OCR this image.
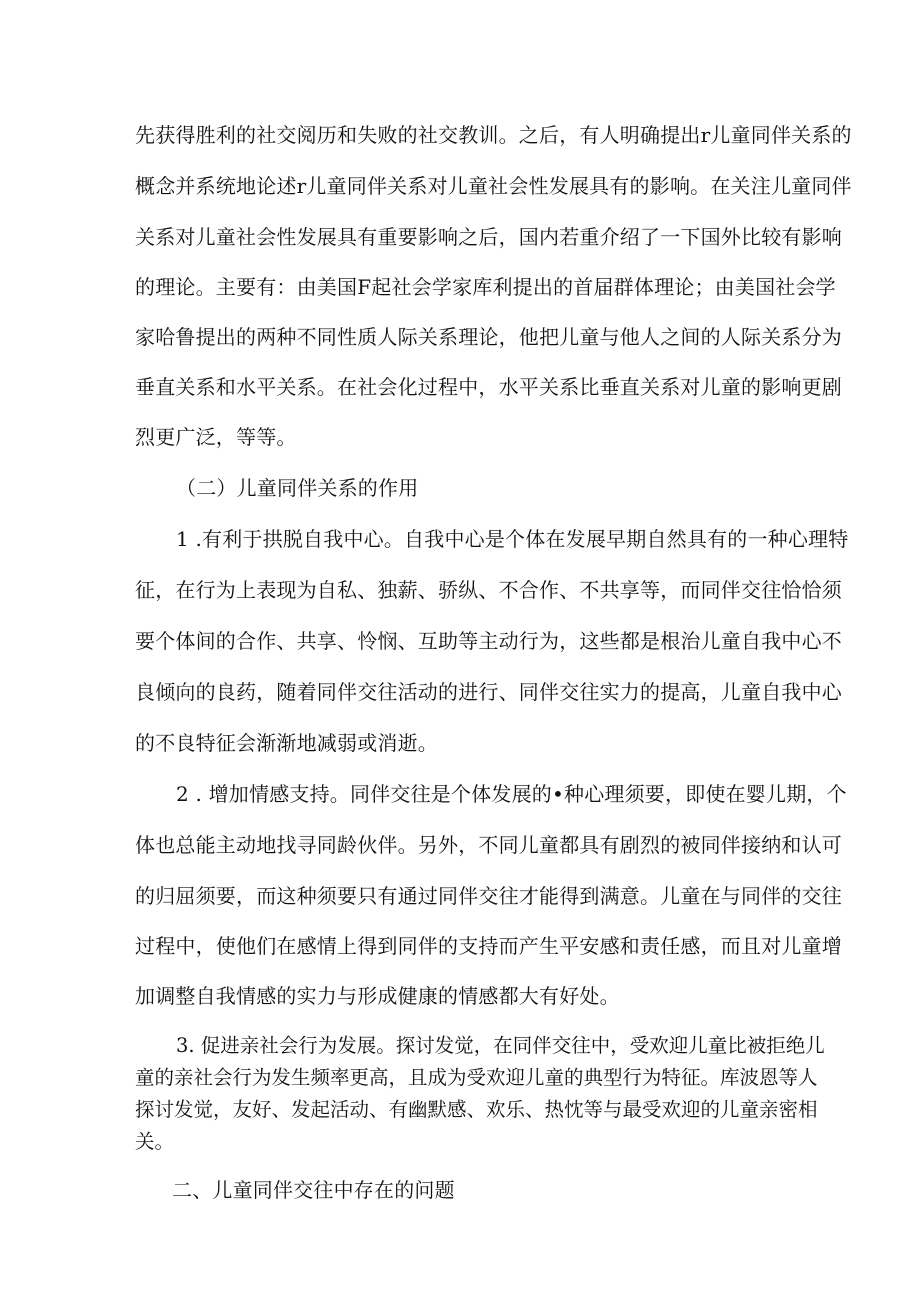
先获得胜利的社交阅历和失败的社交教训。之后，有人明确提出r儿童同伴关系的
概念并系统地论述r儿童同伴关系对儿童社会性发展具有的影响。在关注儿童同伴
关系对儿童社会性发展具有重要影响之后，国内若重介绍了一下国外比较有影响
的理论。主要有：由美国F起社会学家库利提出的首届群体理论；由美国社会学
家哈鲁提出的两种不同性质人际关系理论，他把儿童与他人之间的人际关系分为
垂直关系和水平关系。在社会化过程中，水平关系比垂直关系对儿童的影响更剧
烈更广泛，等等。
（二）儿童同伴关系的作用
1 .有利于拱脱自我中心。自我中心是个体在发展早期自然具有的一种心理特
征，在行为上表现为自私、独薪、骄纵、不合作、不共享等，而同伴交往恰恰须
要个体间的合作、共享、怜悯、互助等主动行为，这些都是根治儿童自我中心不
良倾向的良药，随着同伴交往活动的进行、同伴交往实力的提高，儿童自我中心
的不良特征会渐渐地减弱或消逝。
2 . 增加情感支持。同伴交往是个体发展的•种心理须要，即使在婴儿期，个
体也总能主动地找寻同龄伙伴。另外，不同儿童都具有剧烈的被同伴接纳和认可
的归屈须要，而这种须要只有通过同伴交往才能得到满意。儿童在与同伴的交往
过程中，使他们在感情上得到同伴的支持而产生平安感和责任感，而且对儿童增
加调整自我情感的实力与形成健康的情感都大有好处。
3. 促进亲社会行为发展。探讨发觉，在同伴交往中，受欢迎儿童比被拒绝儿
童的亲社会行为发生频率更高，且成为受欢迎儿童的典型行为特征。库波恩等人
探讨发觉，友好、发起活动、有幽默感、欢乐、热忱等与最受欢迎的儿童亲密相
关。
二、儿童同伴交往中存在的问题
